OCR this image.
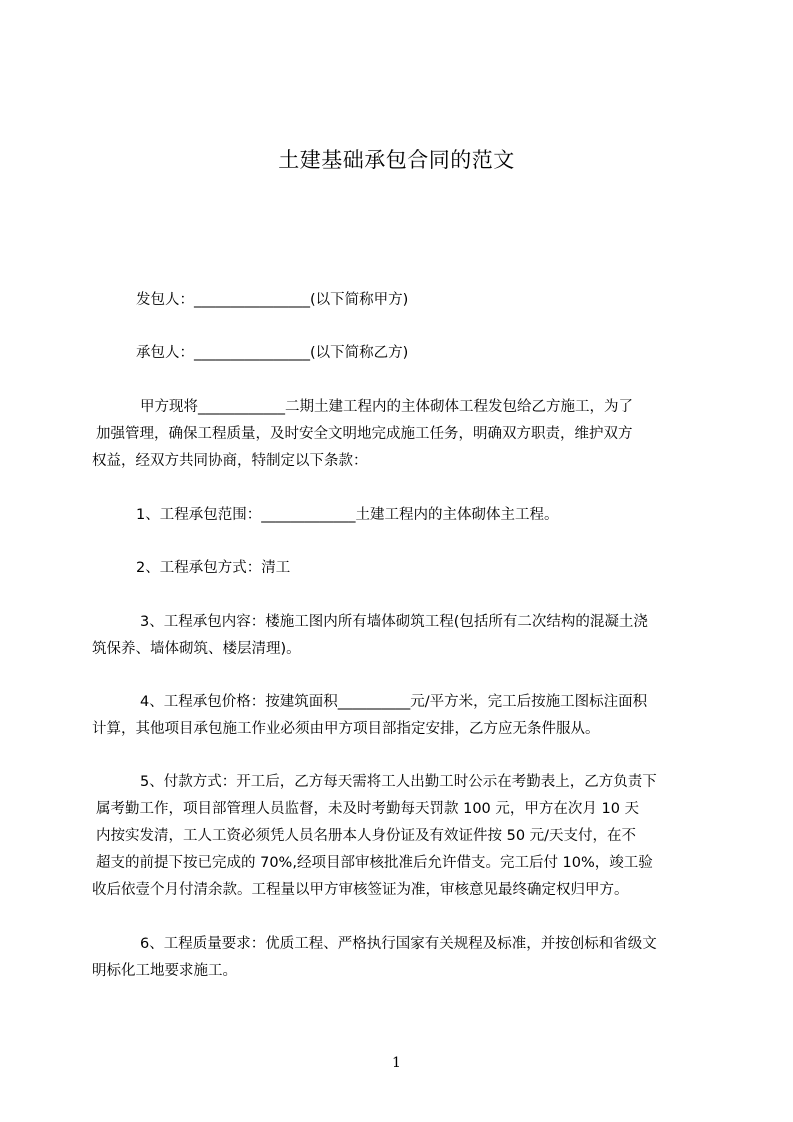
土建基础承包合同的范文
发包人：________________(以下简称甲方)
承包人：________________(以下简称乙方)
甲方现将____________二期土建工程内的主体砌体工程发包给乙方施工，为了
加强管理，确保工程质量，及时安全文明地完成施工任务，明确双方职责，维护双方
权益，经双方共同协商，特制定以下条款：
1、工程承包范围：_____________土建工程内的主体砌体主工程。
2、工程承包方式：清工
3、工程承包内容：楼施工图内所有墙体砌筑工程(包括所有二次结构的混凝土浇
筑保养、墙体砌筑、楼层清理)。
4、工程承包价格：按建筑面积__________元/平方米，完工后按施工图标注面积
计算，其他项目承包施工作业必须由甲方项目部指定安排，乙方应无条件服从。
5、付款方式：开工后，乙方每天需将工人出勤工时公示在考勤表上，乙方负责下
属考勤工作，项目部管理人员监督，未及时考勤每天罚款 100 元，甲方在次月 10 天
内按实发清，工人工资必须凭人员名册本人身份证及有效证件按 50 元/天支付，在不
超支的前提下按已完成的 70%,经项目部审核批准后允许借支。完工后付 10%，竣工验
收后依壹个月付清余款。工程量以甲方审核签证为准，审核意见最终确定权归甲方。
6、工程质量要求：优质工程、严格执行国家有关规程及标准，并按创标和省级文
明标化工地要求施工。
1
